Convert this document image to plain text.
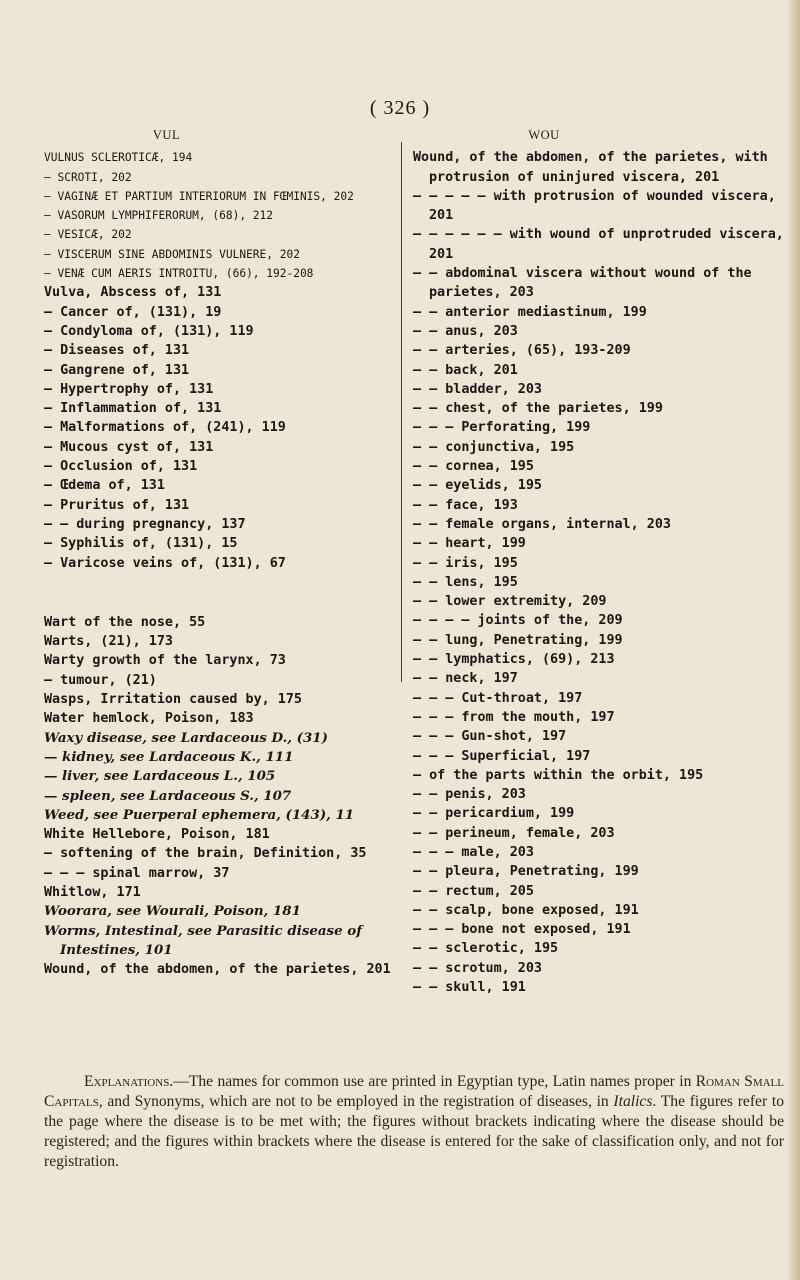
( 326 )
VUL
VULNUS SCLEROTICÆ, 194
— SCROTI, 202
— VAGINÆ ET PARTIUM INTERIORUM IN FŒMINIS, 202
— VASORUM LYMPHIFERORUM, (68), 212
— VESICÆ, 202
— VISCERUM SINE ABDOMINIS VULNERE, 202
— VENÆ CUM AERIS INTROITU, (66), 192-208
Vulva, Abscess of, 131
— Cancer of, (131), 19
— Condyloma of, (131), 119
— Diseases of, 131
— Gangrene of, 131
— Hypertrophy of, 131
— Inflammation of, 131
— Malformations of, (241), 119
— Mucous cyst of, 131
— Occlusion of, 131
— Œdema of, 131
— Pruritus of, 131
— — during pregnancy, 137
— Syphilis of, (131), 15
— Varicose veins of, (131), 67
Wart of the nose, 55
Warts, (21), 173
Warty growth of the larynx, 73
— tumour, (21)
Wasps, Irritation caused by, 175
Water hemlock, Poison, 183
Waxy disease, see Lardaceous D., (31)
— kidney, see Lardaceous K., 111
— liver, see Lardaceous L., 105
— spleen, see Lardaceous S., 107
Weed, see Puerperal ephemera, (143), 11
White Hellebore, Poison, 181
— softening of the brain, Definition, 35
— — — spinal marrow, 37
Whitlow, 171
Woorara, see Wourali, Poison, 181
Worms, Intestinal, see Parasitic disease of Intestines, 101
Wound, of the abdomen, of the parietes, 201
WOU
Wound, of the abdomen, of the parietes, with protrusion of uninjured viscera, 201
— — — — — with protrusion of wounded viscera, 201
— — — — — — with wound of unprotruded viscera, 201
— — abdominal viscera without wound of the parietes, 203
— — anterior mediastinum, 199
— — anus, 203
— — arteries, (65), 193-209
— — back, 201
— — bladder, 203
— — chest, of the parietes, 199
— — — Perforating, 199
— — conjunctiva, 195
— — cornea, 195
— — eyelids, 195
— — face, 193
— — female organs, internal, 203
— — heart, 199
— — iris, 195
— — lens, 195
— — lower extremity, 209
— — — — joints of the, 209
— — lung, Penetrating, 199
— — lymphatics, (69), 213
— — neck, 197
— — — Cut-throat, 197
— — — from the mouth, 197
— — — Gun-shot, 197
— — — Superficial, 197
— of the parts within the orbit, 195
— — penis, 203
— — pericardium, 199
— — perineum, female, 203
— — — male, 203
— — pleura, Penetrating, 199
— — rectum, 205
— — scalp, bone exposed, 191
— — — bone not exposed, 191
— — sclerotic, 195
— — scrotum, 203
— — skull, 191
Explanations.—The names for common use are printed in Egyptian type, Latin names proper in Roman Small Capitals, and Synonyms, which are not to be employed in the registration of diseases, in Italics. The figures refer to the page where the disease is to be met with; the figures without brackets indicating where the disease should be registered; and the figures within brackets where the disease is entered for the sake of classification only, and not for registration.
